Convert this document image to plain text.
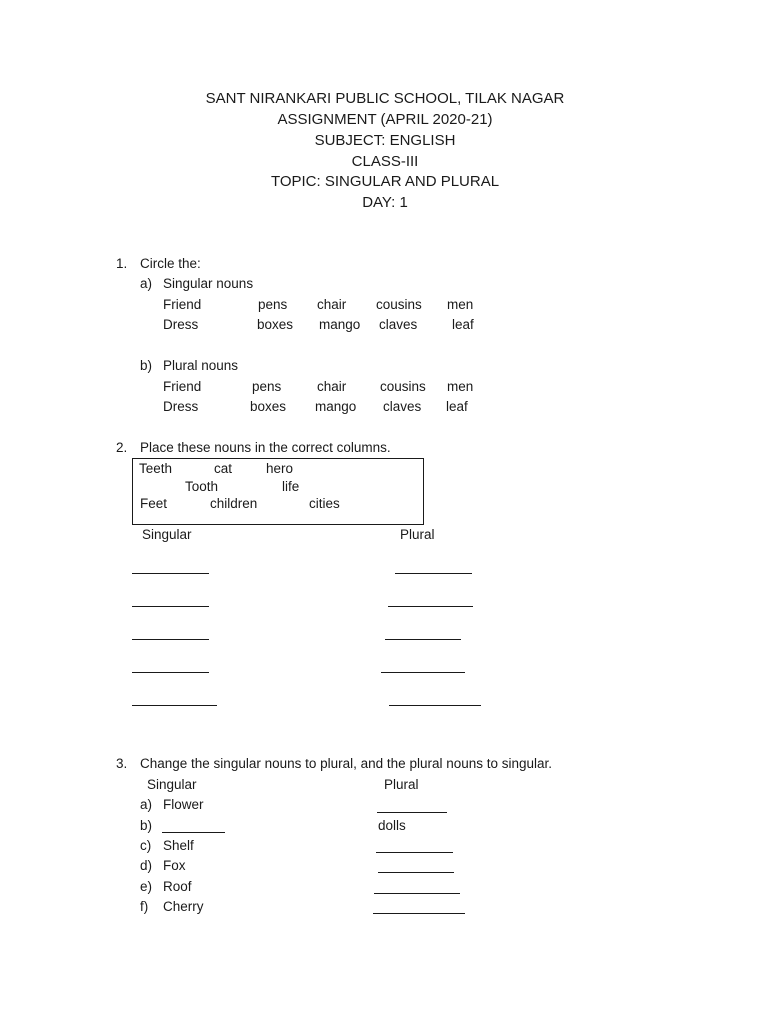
SANT NIRANKARI PUBLIC SCHOOL, TILAK NAGAR
ASSIGNMENT (APRIL 2020-21)
SUBJECT: ENGLISH
CLASS-III
TOPIC: SINGULAR AND PLURAL
DAY: 1
1. Circle the:
a) Singular nouns
Friend	pens chair cousins men
Dress	boxes mango claves	leaf
b) Plural nouns
Friend	pens	chair cousins men
Dress	boxes mango claves leaf
2. Place these nouns in the correct columns.
Teeth	cat	hero
Tooth	life
Feet	children	cities
Singular	Plural
3. Change the singular nouns to plural, and the plural nouns to singular.
Singular	Plural
a) Flower
b)	dolls
c) Shelf
d) Fox
e) Roof
f) Cherry
